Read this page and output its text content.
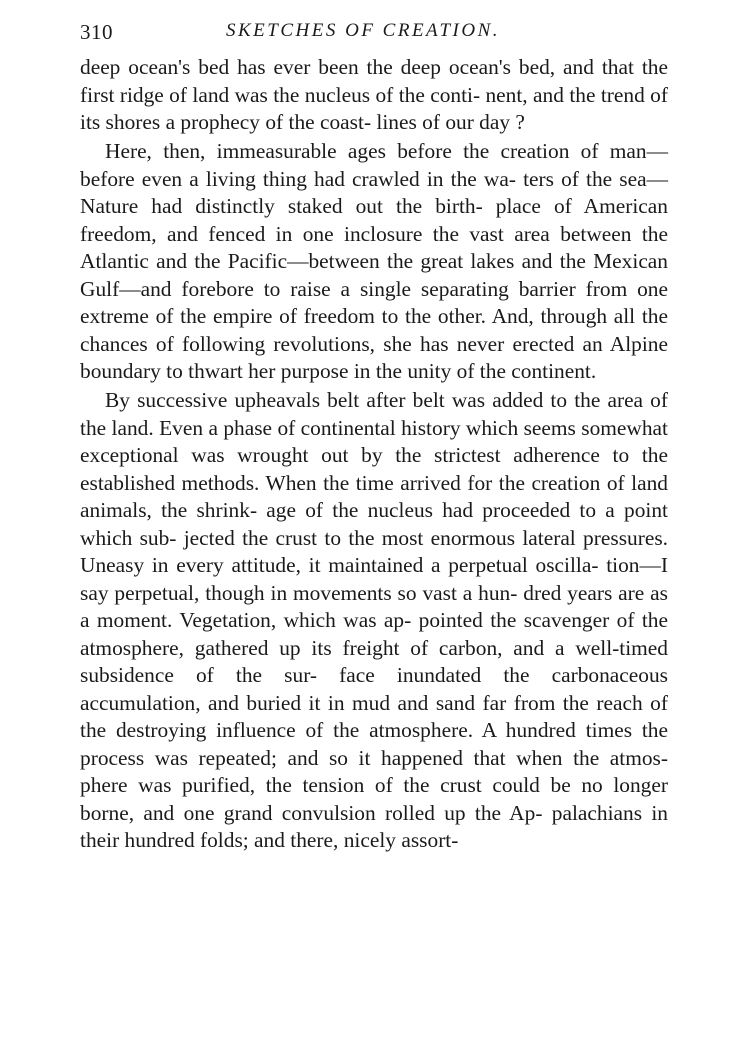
310	SKETCHES OF CREATION.

deep ocean's bed has ever been the deep ocean's bed, and that the first ridge of land was the nucleus of the conti- nent, and the trend of its shores a prophecy of the coast- lines of our day ?

Here, then, immeasurable ages before the creation of man—before even a living thing had crawled in the wa- ters of the sea—Nature had distinctly staked out the birth- place of American freedom, and fenced in one inclosure the vast area between the Atlantic and the Pacific—between the great lakes and the Mexican Gulf—and forebore to raise a single separating barrier from one extreme of the empire of freedom to the other. And, through all the chances of following revolutions, she has never erected an Alpine boundary to thwart her purpose in the unity of the continent.

By successive upheavals belt after belt was added to the area of the land. Even a phase of continental history which seems somewhat exceptional was wrought out by the strictest adherence to the established methods. When the time arrived for the creation of land animals, the shrink- age of the nucleus had proceeded to a point which sub- jected the crust to the most enormous lateral pressures. Uneasy in every attitude, it maintained a perpetual oscilla- tion—I say perpetual, though in movements so vast a hun- dred years are as a moment. Vegetation, which was ap- pointed the scavenger of the atmosphere, gathered up its freight of carbon, and a well-timed subsidence of the sur- face inundated the carbonaceous accumulation, and buried it in mud and sand far from the reach of the destroying influence of the atmosphere. A hundred times the process was repeated; and so it happened that when the atmos- phere was purified, the tension of the crust could be no longer borne, and one grand convulsion rolled up the Ap- palachians in their hundred folds; and there, nicely assort-
